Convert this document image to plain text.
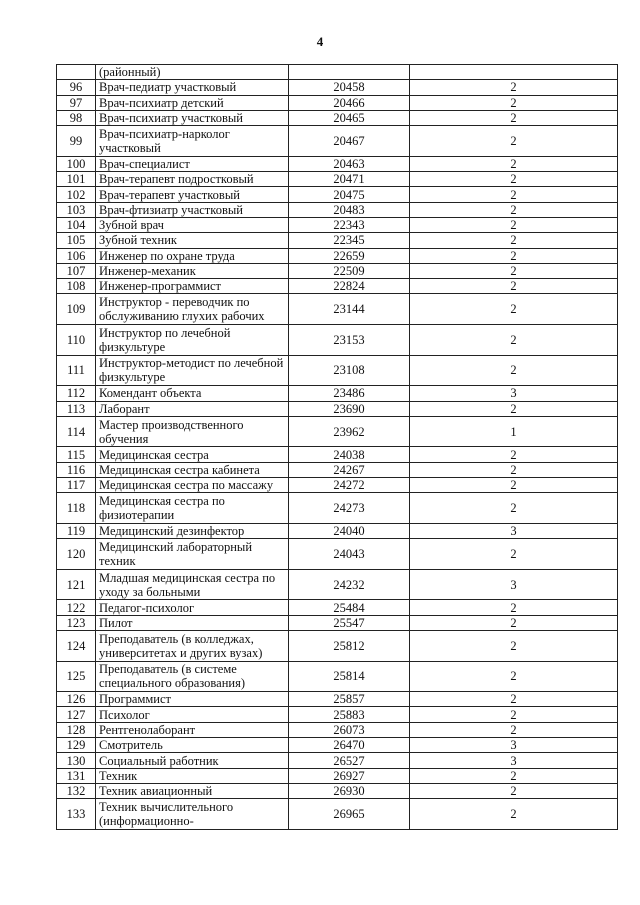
4
	(районный)		
96	Врач-педиатр участковый	20458	2
97	Врач-психиатр детский	20466	2
98	Врач-психиатр участковый	20465	2
99	Врач-психиатр-нарколог участковый	20467	2
100	Врач-специалист	20463	2
101	Врач-терапевт подростковый	20471	2
102	Врач-терапевт участковый	20475	2
103	Врач-фтизиатр участковый	20483	2
104	Зубной врач	22343	2
105	Зубной техник	22345	2
106	Инженер по охране труда	22659	2
107	Инженер-механик	22509	2
108	Инженер-программист	22824	2
109	Инструктор - переводчик по обслуживанию глухих рабочих	23144	2
110	Инструктор по лечебной физкультуре	23153	2
111	Инструктор-методист по лечебной физкультуре	23108	2
112	Комендант объекта	23486	3
113	Лаборант	23690	2
114	Мастер производственного обучения	23962	1
115	Медицинская сестра	24038	2
116	Медицинская сестра кабинета	24267	2
117	Медицинская сестра по массажу	24272	2
118	Медицинская сестра по физиотерапии	24273	2
119	Медицинский дезинфектор	24040	3
120	Медицинский лабораторный техник	24043	2
121	Младшая медицинская сестра по уходу за больными	24232	3
122	Педагог-психолог	25484	2
123	Пилот	25547	2
124	Преподаватель (в колледжах, университетах и других вузах)	25812	2
125	Преподаватель (в системе специального образования)	25814	2
126	Программист	25857	2
127	Психолог	25883	2
128	Рентгенолаборант	26073	2
129	Смотритель	26470	3
130	Социальный работник	26527	3
131	Техник	26927	2
132	Техник авиационный	26930	2
133	Техник вычислительного (информационно-	26965	2
